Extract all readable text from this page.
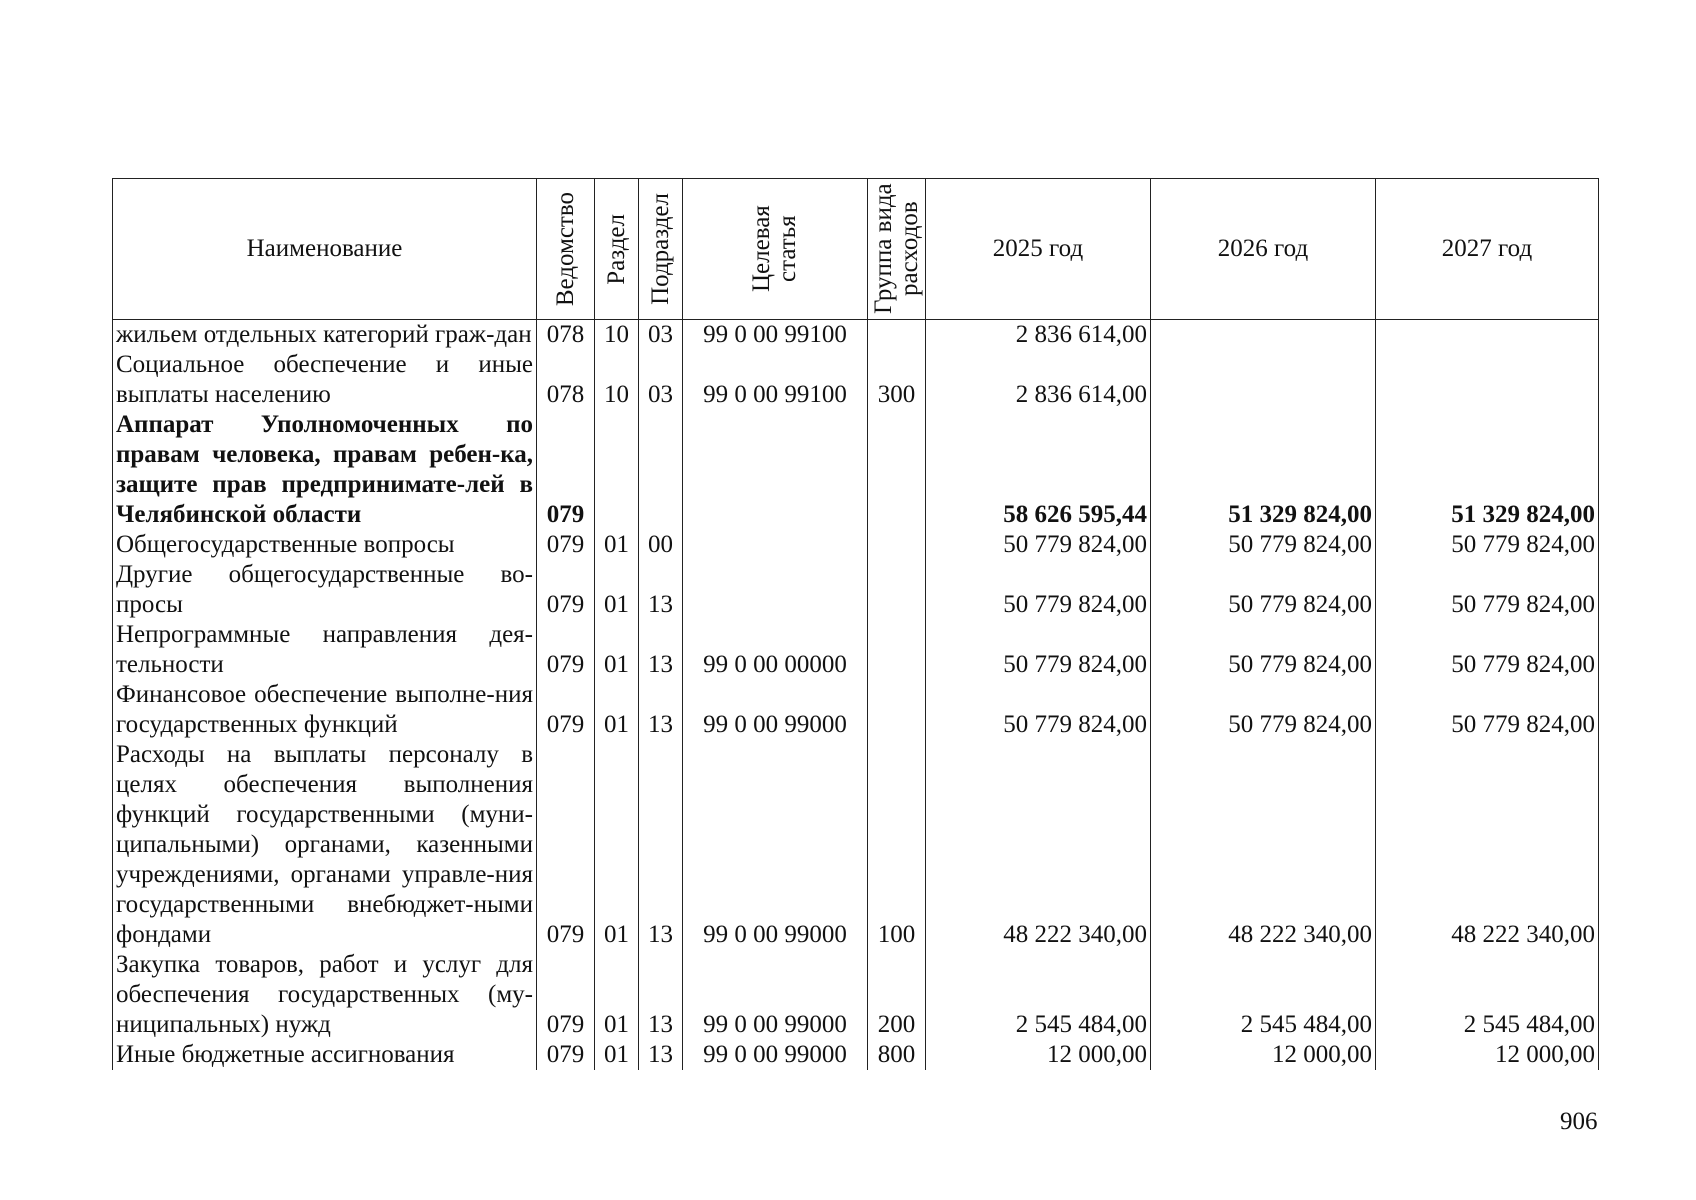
Наименование	Ведомство	Раздел	Подраздел	Целевая статья	Группа вида расходов	2025 год	2026 год	2027 год
жильем отдельных категорий граж-дан	078	10	03	99 0 00 99100		2 836 614,00		
Социальное обеспечение и иные выплаты населению	078	10	03	99 0 00 99100	300	2 836 614,00		
Аппарат Уполномоченных по правам человека, правам ребен-ка, защите прав предпринимате-лей в Челябинской области	079					58 626 595,44	51 329 824,00	51 329 824,00
Общегосударственные вопросы	079	01	00			50 779 824,00	50 779 824,00	50 779 824,00
Другие общегосударственные во-просы	079	01	13			50 779 824,00	50 779 824,00	50 779 824,00
Непрограммные направления дея-тельности	079	01	13	99 0 00 00000		50 779 824,00	50 779 824,00	50 779 824,00
Финансовое обеспечение выполне-ния государственных функций	079	01	13	99 0 00 99000		50 779 824,00	50 779 824,00	50 779 824,00
Расходы на выплаты персоналу в целях обеспечения выполнения функций государственными (муни-ципальными) органами, казенными учреждениями, органами управле-ния государственными внебюджет-ными фондами	079	01	13	99 0 00 99000	100	48 222 340,00	48 222 340,00	48 222 340,00
Закупка товаров, работ и услуг для обеспечения государственных (му-ниципальных) нужд	079	01	13	99 0 00 99000	200	2 545 484,00	2 545 484,00	2 545 484,00
Иные бюджетные ассигнования	079	01	13	99 0 00 99000	800	12 000,00	12 000,00	12 000,00
906
